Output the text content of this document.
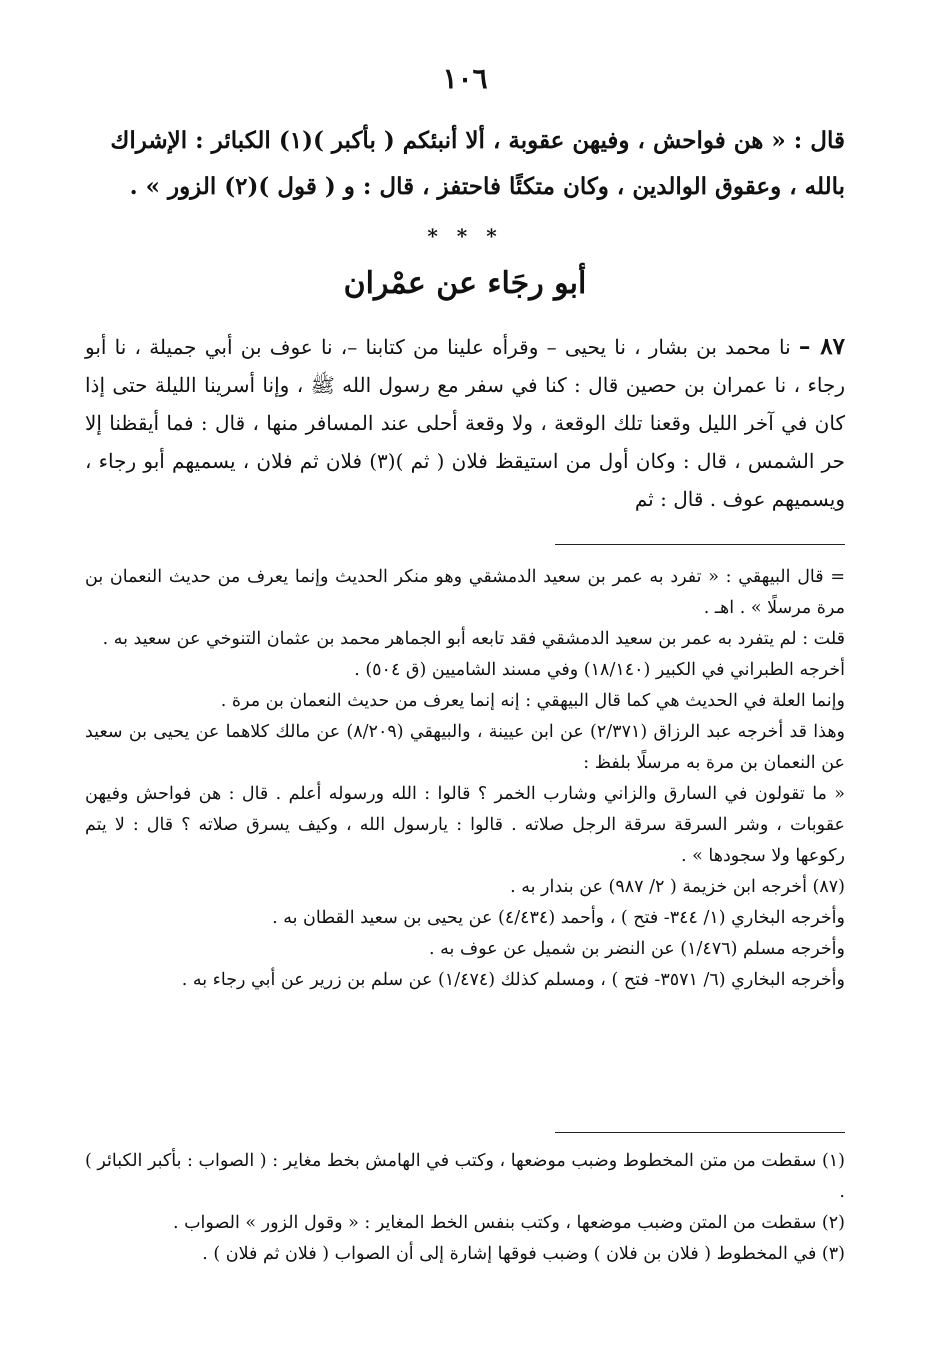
١٠٦
قال : « هن فواحش ، وفيهن عقوبة ، ألا أنبئكم ( بأكبر )(١) الكبائر : الإشراك
بالله ، وعقوق الوالدين ، وكان متكئًا فاحتفز ، قال : و ( قول )(٢) الزور » .
* * *
أبو رجَاء عن عمْران
٨٧ – نا محمد بن بشار ، نا يحيى – وقرأه علينا من كتابنا –، نا عوف بن أبي جميلة ، نا أبو رجاء ، نا عمران بن حصين قال : كنا في سفر مع رسول الله ﷺ ، وإنا أسرينا الليلة حتى إذا كان في آخر الليل وقعنا تلك الوقعة ، ولا وقعة أحلى عند المسافر منها ، قال : فما أيقظنا إلا حر الشمس ، قال : وكان أول من استيقظ فلان ( ثم )(٣) فلان ثم فلان ، يسميهم أبو رجاء ، ويسميهم عوف . قال : ثم

= قال البيهقي : « تفرد به عمر بن سعيد الدمشقي وهو منكر الحديث وإنما يعرف من حديث النعمان بن مرة مرسلًا » . اهـ .

قلت : لم يتفرد به عمر بن سعيد الدمشقي فقد تابعه أبو الجماهر محمد بن عثمان التنوخي عن سعيد به .

أخرجه الطبراني في الكبير (١٨/١٤٠) وفي مسند الشاميين (ق ٥٠٤) .

وإنما العلة في الحديث هي كما قال البيهقي : إنه إنما يعرف من حديث النعمان بن مرة .

وهذا قد أخرجه عبد الرزاق (٢/٣٧١) عن ابن عيينة ، والبيهقي (٨/٢٠٩) عن مالك كلاهما عن يحيى بن سعيد عن النعمان بن مرة به مرسلًا بلفظ :

« ما تقولون في السارق والزاني وشارب الخمر ؟ قالوا : الله ورسوله أعلم . قال : هن فواحش وفيهن عقوبات ، وشر السرقة سرقة الرجل صلاته . قالوا : يارسول الله ، وكيف يسرق صلاته ؟ قال : لا يتم ركوعها ولا سجودها » .

(٨٧) أخرجه ابن خزيمة ( ٢/ ٩٨٧) عن بندار به .

وأخرجه البخاري (١/ ٣٤٤- فتح ) ، وأحمد (٤/٤٣٤) عن يحيى بن سعيد القطان به .

وأخرجه مسلم (١/٤٧٦) عن النضر بن شميل عن عوف به .

وأخرجه البخاري (٦/ ٣٥٧١- فتح ) ، ومسلم كذلك (١/٤٧٤) عن سلم بن زرير عن أبي رجاء به .

(١) سقطت من متن المخطوط وضبب موضعها ، وكتب في الهامش بخط مغاير : ( الصواب : بأكبر الكبائر ) .

(٢) سقطت من المتن وضبب موضعها ، وكتب بنفس الخط المغاير : « وقول الزور » الصواب .

(٣) في المخطوط ( فلان بن فلان ) وضبب فوقها إشارة إلى أن الصواب ( فلان ثم فلان ) .
